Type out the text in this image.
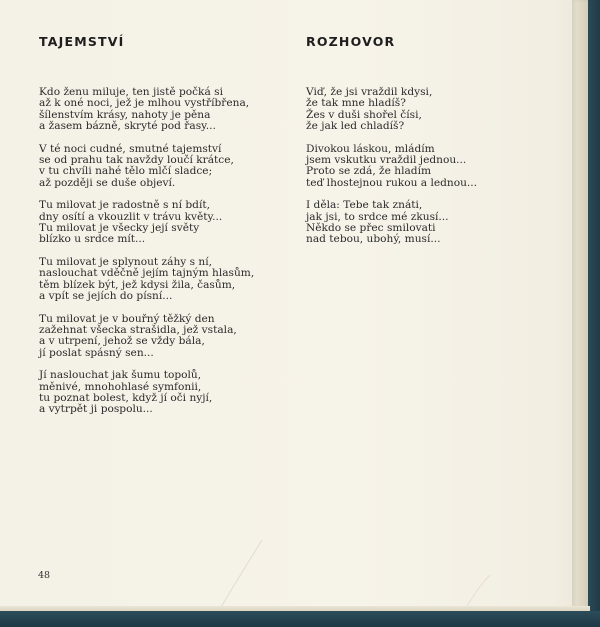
TAJEMSTVÍ
Kdo ženu miluje, ten jistě počká si
až k oné noci, jež je mlhou vystříbřena,
šílenstvím krásy, nahoty je pěna
a žasem bázně, skryté pod řasy...
V té noci cudné, smutné tajemství
se od prahu tak navždy loučí krátce,
v tu chvíli nahé tělo mlčí sladce;
až později se duše objeví.
Tu milovat je radostně s ní bdít,
dny osítí a vkouzlit v trávu květy...
Tu milovat je všecky její světy
blízko u srdce mít...
Tu milovat je splynout záhy s ní,
naslouchat vděčně jejím tajným hlasům,
těm blízek být, jež kdysi žila, časům,
a vpít se jejích do písní...
Tu milovat je v bouřný těžký den
zažehnat všecka strašidla, jež vstala,
a v utrpení, jehož se vždy bála,
jí poslat spásný sen...
Jí naslouchat jak šumu topolů,
měnivé, mnohohlasé symfonii,
tu poznat bolest, když jí oči nyjí,
a vytrpět ji pospolu...
ROZHOVOR
Viď, že jsi vraždil kdysi,
že tak mne hladíš?
Žes v duši shořel čísi,
že jak led chladíš?
Divokou láskou, mládím
jsem vskutku vraždil jednou...
Proto se zdá, že hladím
teď lhostejnou rukou a lednou...
I děla: Tebe tak znáti,
jak jsi, to srdce mé zkusí...
Někdo se přec smilovati
nad tebou, ubohý, musí...
48
